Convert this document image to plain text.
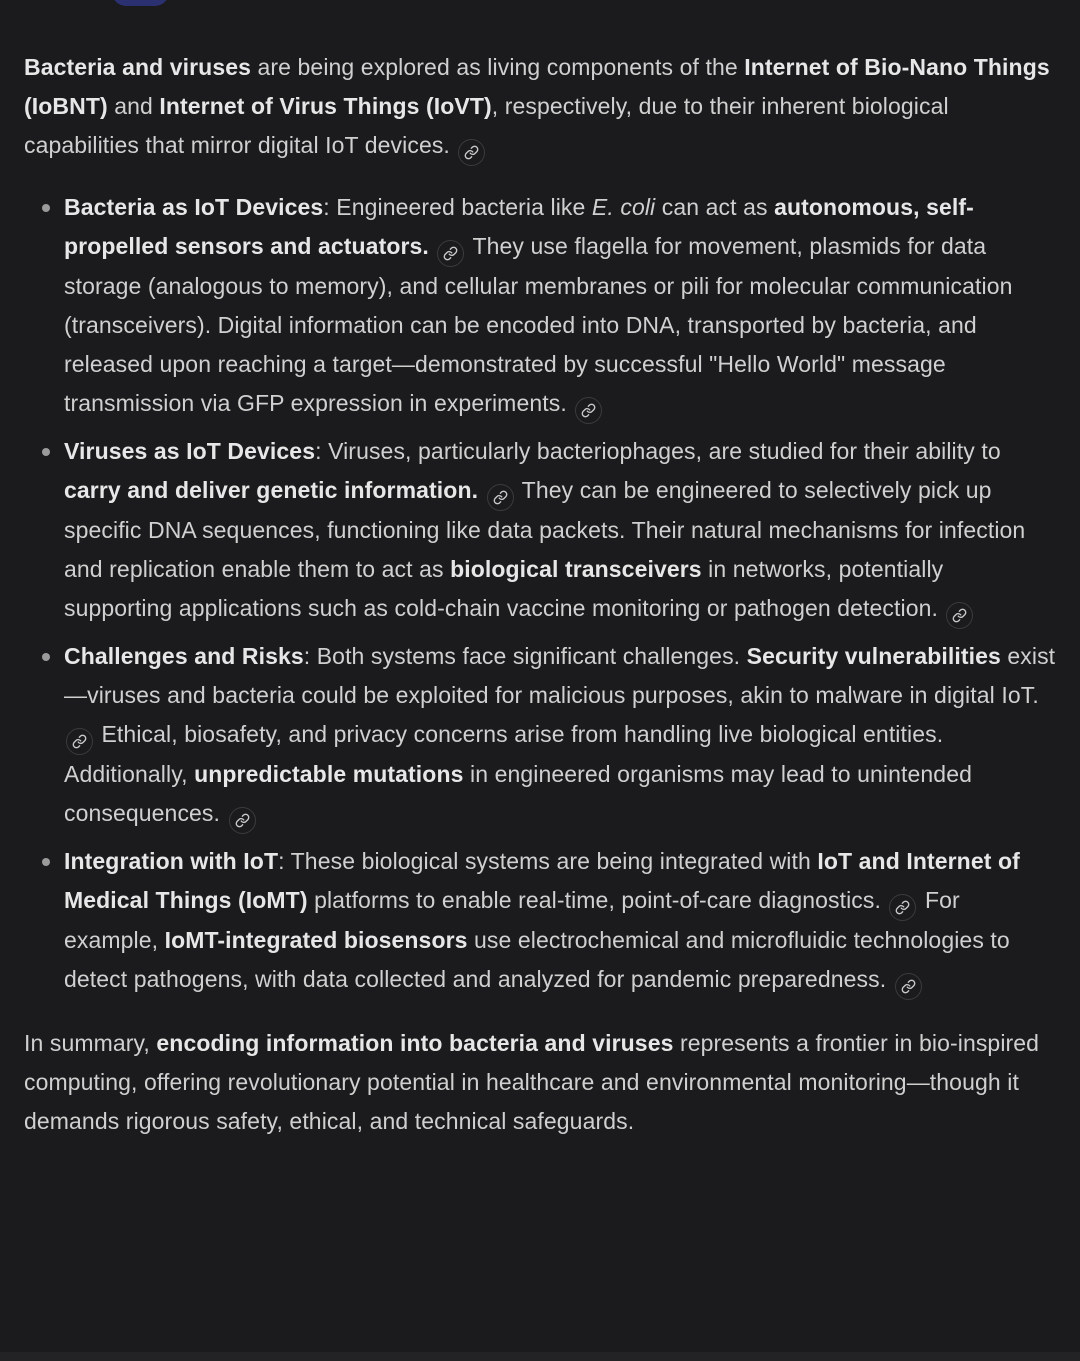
Bacteria and viruses are being explored as living components of the Internet of Bio-Nano Things (IoBNT) and Internet of Virus Things (IoVT), respectively, due to their inherent biological capabilities that mirror digital IoT devices.

Bacteria as IoT Devices: Engineered bacteria like E. coli can act as autonomous, self-propelled sensors and actuators.
They use flagella for movement, plasmids for data storage (analogous to memory), and cellular membranes or pili for molecular communication (transceivers). Digital information can be encoded into DNA, transported by bacteria, and released upon reaching a target—demonstrated by successful "Hello World" message transmission via GFP expression in experiments.
Viruses as IoT Devices: Viruses, particularly bacteriophages, are studied for their ability to carry and deliver genetic information.
They can be engineered to selectively pick up specific DNA sequences, functioning like data packets. Their natural mechanisms for infection and replication enable them to act as biological transceivers in networks, potentially supporting applications such as cold-chain vaccine monitoring or pathogen detection.
Challenges and Risks: Both systems face significant challenges. Security vulnerabilities exist—viruses and bacteria could be exploited for malicious purposes, akin to malware in digital IoT.
Ethical, biosafety, and privacy concerns arise from handling live biological entities. Additionally, unpredictable mutations in engineered organisms may lead to unintended consequences.
Integration with IoT: These biological systems are being integrated with IoT and Internet of Medical Things (IoMT) platforms to enable real-time, point-of-care diagnostics.
For example, IoMT-integrated biosensors use electrochemical and microfluidic technologies to detect pathogens, with data collected and analyzed for pandemic preparedness.

In summary, encoding information into bacteria and viruses represents a frontier in bio-inspired computing, offering revolutionary potential in healthcare and environmental monitoring—though it demands rigorous safety, ethical, and technical safeguards.
